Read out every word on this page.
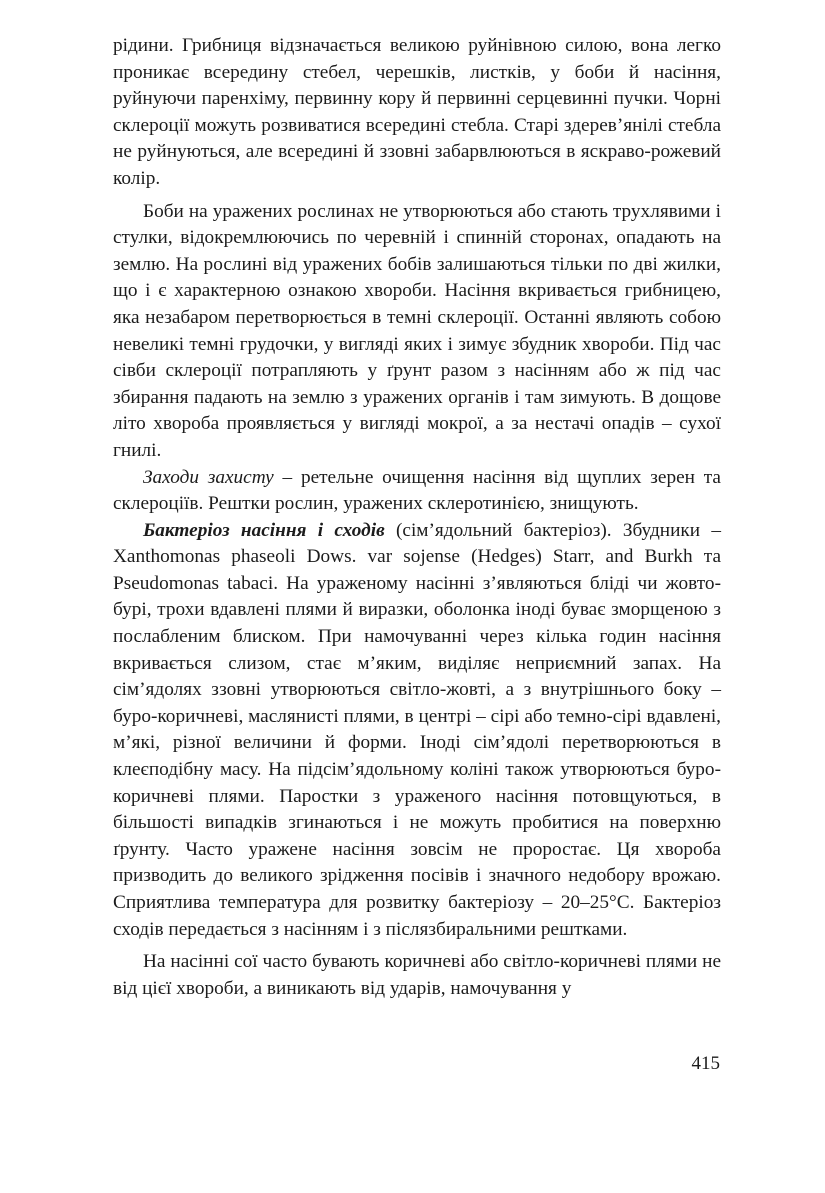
рідини. Грибниця відзначається великою руйнівною силою, вона легко проникає всередину стебел, черешків, листків, у боби й насіння, руйнуючи паренхіму, первинну кору й первинні серцевинні пучки. Чорні склероції можуть розвиватися всередині стебла. Старі здерев’янілі стебла не руйнуються, але всередині й ззовні забарвлюються в яскраво-рожевий колір.

Боби на уражених рослинах не утворюються або стають трухлявими і стулки, відокремлюючись по черевній і спинній сторонах, опадають на землю. На рослині від уражених бобів залишаються тільки по дві жилки, що і є характерною ознакою хвороби. Насіння вкривається грибницею, яка незабаром перетворюється в темні склероції. Останні являють собою невеликі темні грудочки, у вигляді яких і зимує збудник хвороби. Під час сівби склероції потрапляють у ґрунт разом з насінням або ж під час збирання падають на землю з уражених органів і там зимують. В дощове літо хвороба проявляється у вигляді мокрої, а за нестачі опадів – сухої гнилі.

Заходи захисту – ретельне очищення насіння від щуплих зерен та склероціїв. Рештки рослин, уражених склеротинією, знищують.

Бактеріоз насіння і сходів (сім’ядольний бактеріоз). Збудники – Xanthomonas phaseoli Dows. var sojense (Hedges) Starr, and Burkh та Pseudomonas tabaci. На ураженому насінні з’являються бліді чи жовто-бурі, трохи вдавлені плями й виразки, оболонка іноді буває зморщеною з послабленим блиском. При намочуванні через кілька годин насіння вкривається слизом, стає м’яким, виділяє неприємний запах. На сім’ядолях ззовні утворюються світло-жовті, а з внутрішнього боку – буро-коричневі, маслянисті плями, в центрі – сірі або темно-сірі вдавлені, м’які, різної величини й форми. Іноді сім’ядолі перетворюються в клеєподібну масу. На підсім’ядольному коліні також утворюються буро-коричневі плями. Паростки з ураженого насіння потовщуються, в більшості випадків згинаються і не можуть пробитися на поверхню ґрунту. Часто уражене насіння зовсім не проростає. Ця хвороба призводить до великого зрідження посівів і значного недобору врожаю. Сприятлива температура для розвитку бактеріозу – 20–25°С. Бактеріоз сходів передається з насінням і з післязбиральними рештками.

На насінні сої часто бувають коричневі або світло-коричневі плями не від цієї хвороби, а виникають від ударів, намочування у

415
